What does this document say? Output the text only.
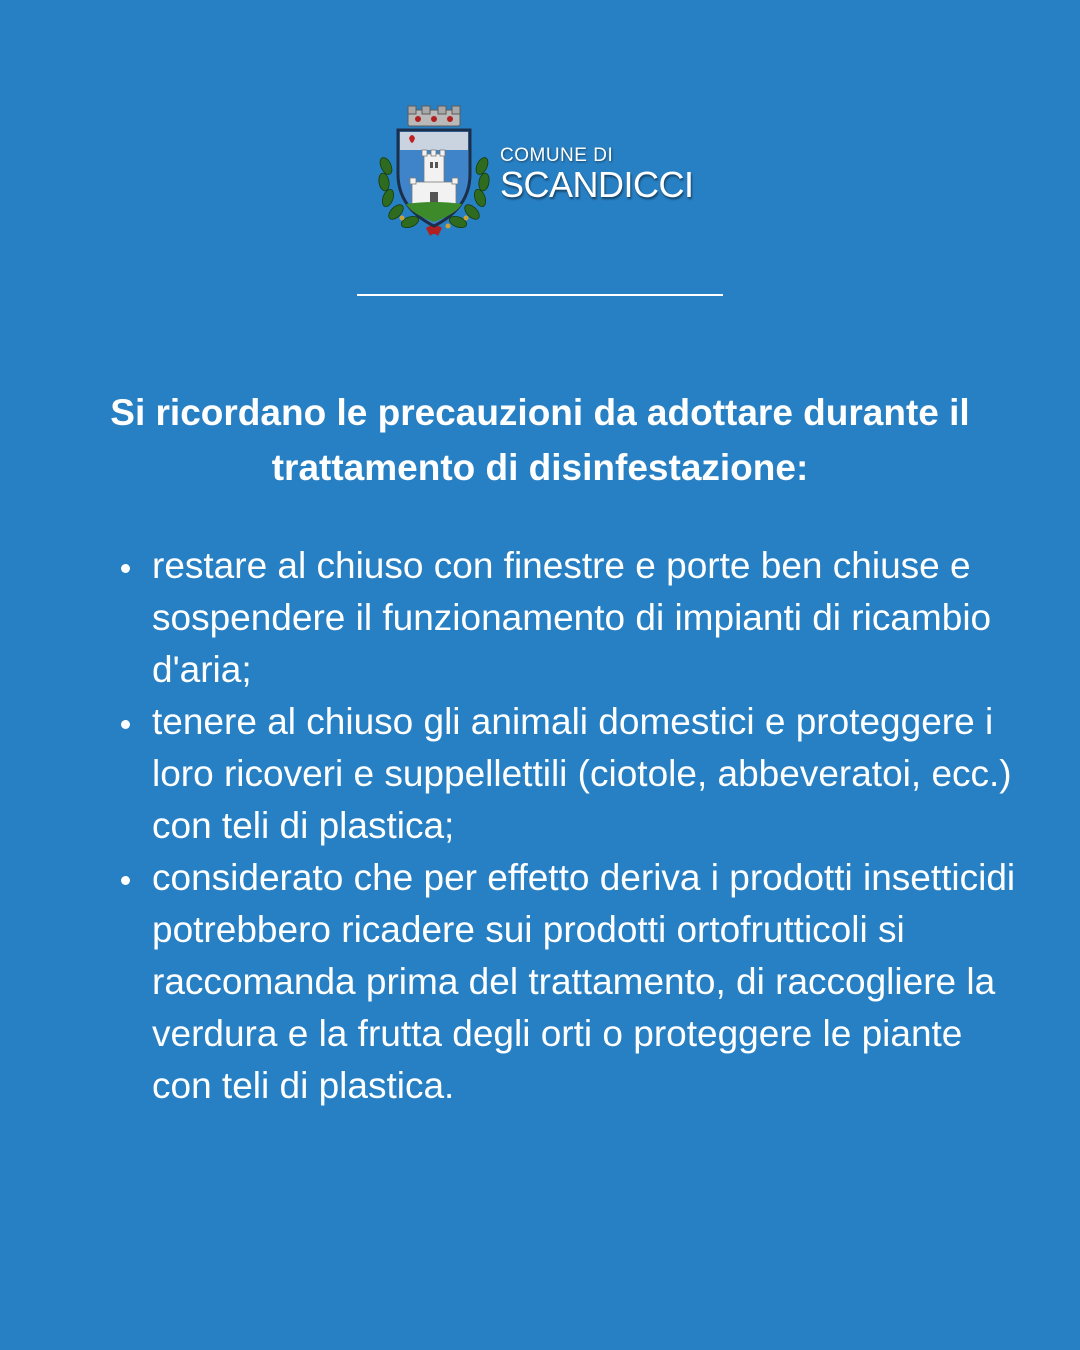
COMUNE DI
SCANDICCI
Si ricordano le precauzioni da adottare durante il trattamento di disinfestazione:
restare al chiuso con finestre e porte ben chiuse e sospendere il funzionamento di impianti di ricambio d'aria;
tenere al chiuso gli animali domestici e proteggere i loro ricoveri e suppellettili (ciotole, abbeveratoi, ecc.) con teli di plastica;
considerato che per effetto deriva i prodotti insetticidi potrebbero ricadere sui prodotti ortofrutticoli si raccomanda prima del trattamento, di raccogliere la verdura e la frutta degli orti o proteggere le piante con teli di plastica.
